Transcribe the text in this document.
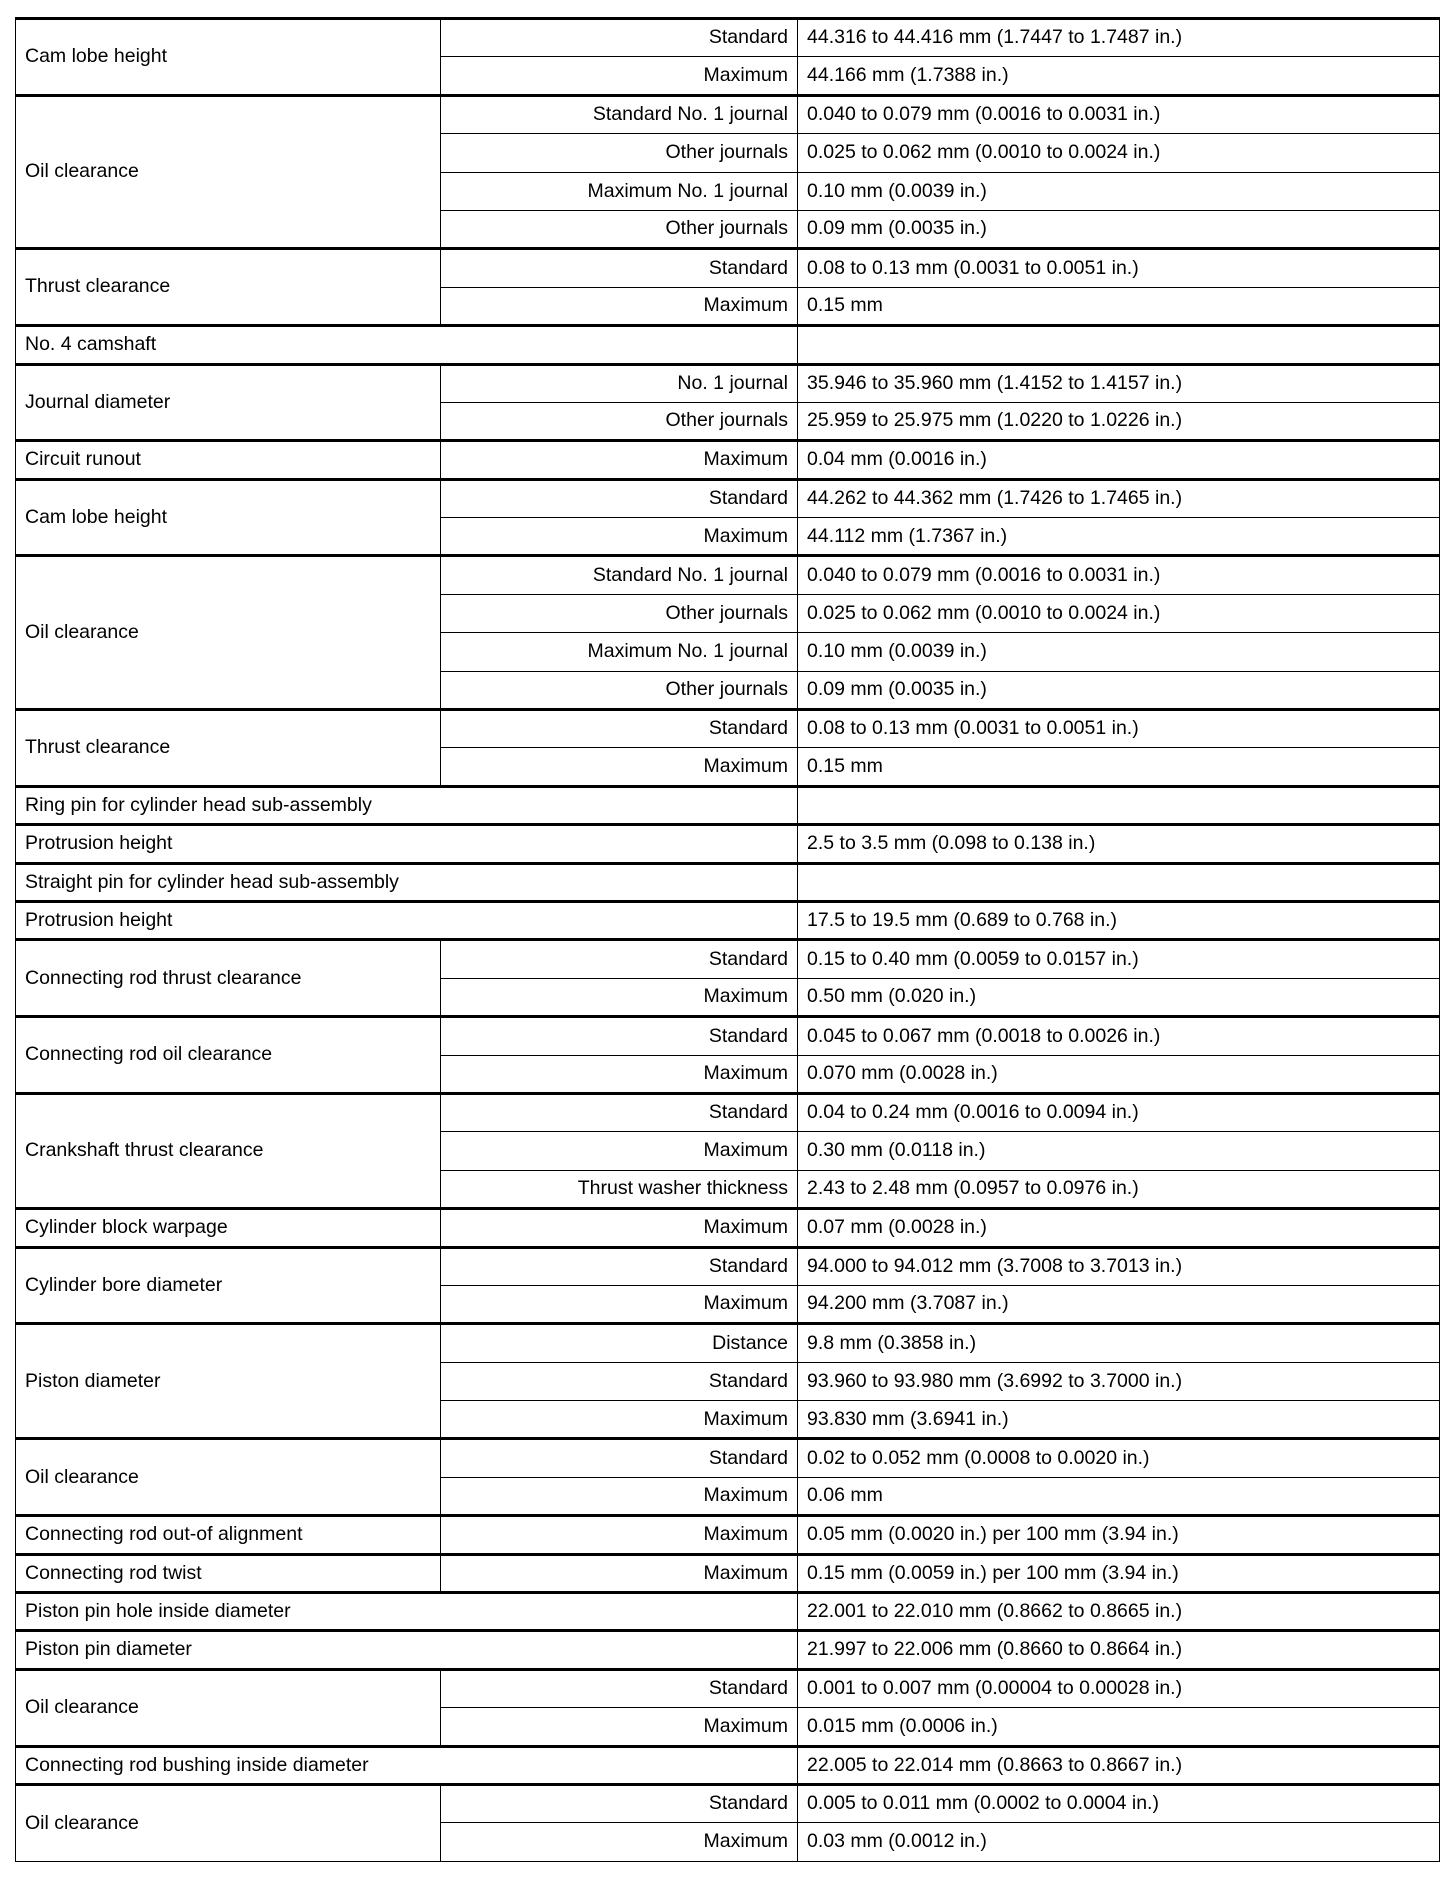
Cam lobe height	Standard	44.316 to 44.416 mm (1.7447 to 1.7487 in.)
	Maximum	44.166 mm (1.7388 in.)
Oil clearance	Standard No. 1 journal	0.040 to 0.079 mm (0.0016 to 0.0031 in.)
	Other journals	0.025 to 0.062 mm (0.0010 to 0.0024 in.)
	Maximum No. 1 journal	0.10 mm (0.0039 in.)
	Other journals	0.09 mm (0.0035 in.)
Thrust clearance	Standard	0.08 to 0.13 mm (0.0031 to 0.0051 in.)
	Maximum	0.15 mm
No. 4 camshaft		
Journal diameter	No. 1 journal	35.946 to 35.960 mm (1.4152 to 1.4157 in.)
	Other journals	25.959 to 25.975 mm (1.0220 to 1.0226 in.)
Circuit runout	Maximum	0.04 mm (0.0016 in.)
Cam lobe height	Standard	44.262 to 44.362 mm (1.7426 to 1.7465 in.)
	Maximum	44.112 mm (1.7367 in.)
Oil clearance	Standard No. 1 journal	0.040 to 0.079 mm (0.0016 to 0.0031 in.)
	Other journals	0.025 to 0.062 mm (0.0010 to 0.0024 in.)
	Maximum No. 1 journal	0.10 mm (0.0039 in.)
	Other journals	0.09 mm (0.0035 in.)
Thrust clearance	Standard	0.08 to 0.13 mm (0.0031 to 0.0051 in.)
	Maximum	0.15 mm
Ring pin for cylinder head sub-assembly		
Protrusion height		2.5 to 3.5 mm (0.098 to 0.138 in.)
Straight pin for cylinder head sub-assembly		
Protrusion height		17.5 to 19.5 mm (0.689 to 0.768 in.)
Connecting rod thrust clearance	Standard	0.15 to 0.40 mm (0.0059 to 0.0157 in.)
	Maximum	0.50 mm (0.020 in.)
Connecting rod oil clearance	Standard	0.045 to 0.067 mm (0.0018 to 0.0026 in.)
	Maximum	0.070 mm (0.0028 in.)
Crankshaft thrust clearance	Standard	0.04 to 0.24 mm (0.0016 to 0.0094 in.)
	Maximum	0.30 mm (0.0118 in.)
	Thrust washer thickness	2.43 to 2.48 mm (0.0957 to 0.0976 in.)
Cylinder block warpage	Maximum	0.07 mm (0.0028 in.)
Cylinder bore diameter	Standard	94.000 to 94.012 mm (3.7008 to 3.7013 in.)
	Maximum	94.200 mm (3.7087 in.)
Piston diameter	Distance	9.8 mm (0.3858 in.)
	Standard	93.960 to 93.980 mm (3.6992 to 3.7000 in.)
	Maximum	93.830 mm (3.6941 in.)
Oil clearance	Standard	0.02 to 0.052 mm (0.0008 to 0.0020 in.)
	Maximum	0.06 mm
Connecting rod out-of alignment	Maximum	0.05 mm (0.0020 in.) per 100 mm (3.94 in.)
Connecting rod twist	Maximum	0.15 mm (0.0059 in.) per 100 mm (3.94 in.)
Piston pin hole inside diameter		22.001 to 22.010 mm (0.8662 to 0.8665 in.)
Piston pin diameter		21.997 to 22.006 mm (0.8660 to 0.8664 in.)
Oil clearance	Standard	0.001 to 0.007 mm (0.00004 to 0.00028 in.)
	Maximum	0.015 mm (0.0006 in.)
Connecting rod bushing inside diameter		22.005 to 22.014 mm (0.8663 to 0.8667 in.)
Oil clearance	Standard	0.005 to 0.011 mm (0.0002 to 0.0004 in.)
	Maximum	0.03 mm (0.0012 in.)
